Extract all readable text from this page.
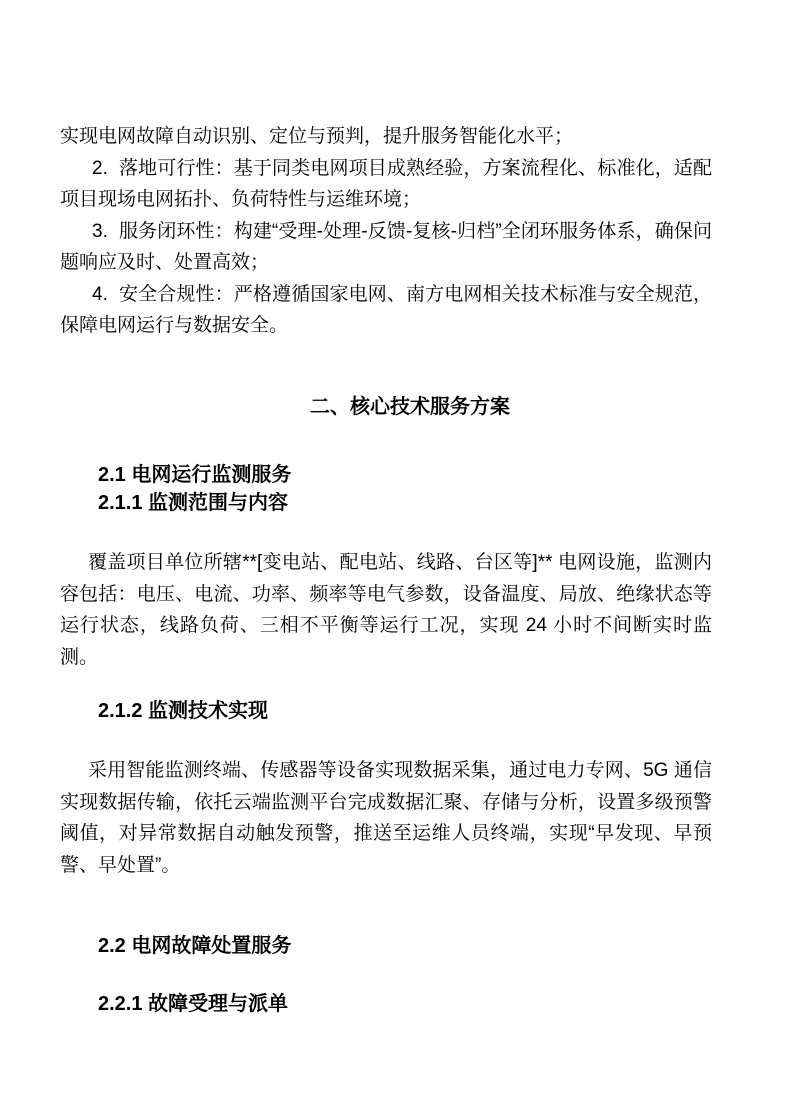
实现电网故障自动识别、定位与预判，提升服务智能化水平；

2. 落地可行性：基于同类电网项目成熟经验，方案流程化、标准化，适配项目现场电网拓扑、负荷特性与运维环境；

3. 服务闭环性：构建“受理-处理-反馈-复核-归档”全闭环服务体系，确保问题响应及时、处置高效；

4. 安全合规性：严格遵循国家电网、南方电网相关技术标准与安全规范，保障电网运行与数据安全。

二、核心技术服务方案
2.1 电网运行监测服务
2.1.1 监测范围与内容

覆盖项目单位所辖**[变电站、配电站、线路、台区等]** 电网设施，监测内容包括：电压、电流、功率、频率等电气参数，设备温度、局放、绝缘状态等运行状态，线路负荷、三相不平衡等运行工况，实现 24 小时不间断实时监测。

2.1.2 监测技术实现

采用智能监测终端、传感器等设备实现数据采集，通过电力专网、5G 通信实现数据传输，依托云端监测平台完成数据汇聚、存储与分析，设置多级预警阈值，对异常数据自动触发预警，推送至运维人员终端，实现“早发现、早预警、早处置”。

2.2 电网故障处置服务
2.2.1 故障受理与派单
